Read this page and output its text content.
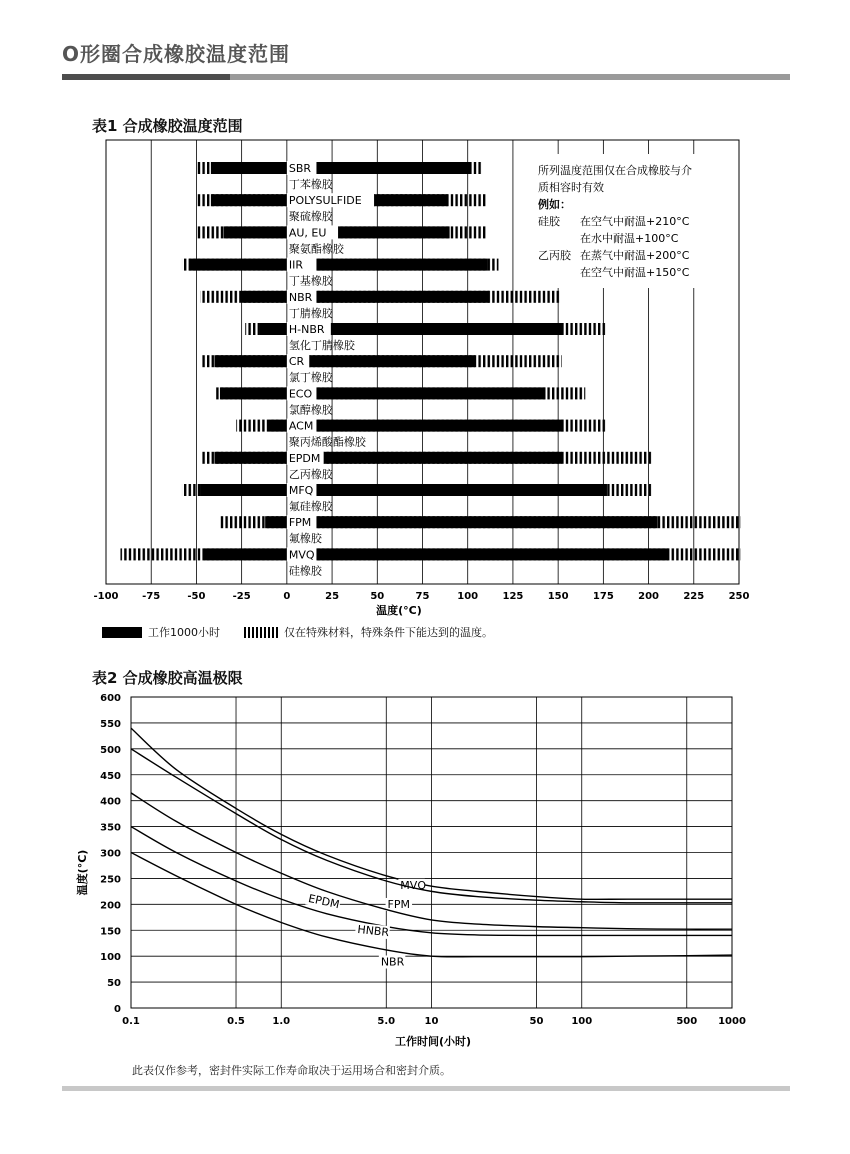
O形圈合成橡胶温度范围
表1 合成橡胶温度范围
-100 -75	-50	-25	0	25	50	75	100 125 150 175 200 225 250
温度(°C)
所列温度范围仅在合成橡胶与介
质相容时有效
例如：
硅胶 在空气中耐温+210°C
在水中耐温+100°C
乙丙胶 在蒸气中耐温+200°C
在空气中耐温+150°C
SBR
丁苯橡胶
POLYSULFIDE
聚硫橡胶
AU, EU
聚氨酯橡胶
IIR
丁基橡胶
NBR
丁腈橡胶
H-NBR
氢化丁腈橡胶
CR
氯丁橡胶
ECO
氯醇橡胶
ACM
聚丙烯酸酯橡胶
EPDM
乙丙橡胶
MFQ
氟硅橡胶
FPM
氟橡胶
MVQ
硅橡胶
工作1000小时	仅在特殊材料，特殊条件下能达到的温度。
表2 合成橡胶高温极限
0
50
100
150
200
250
300
350
400
450
500
550
600
0.1	0.5	1.0	5.0	10	50	100	500 1000
工作时间(小时)
温度(°C)	MVQ
FPM
EPDM
HNBR
NBR
此表仅作参考，密封件实际工作寿命取决于运用场合和密封介质。
